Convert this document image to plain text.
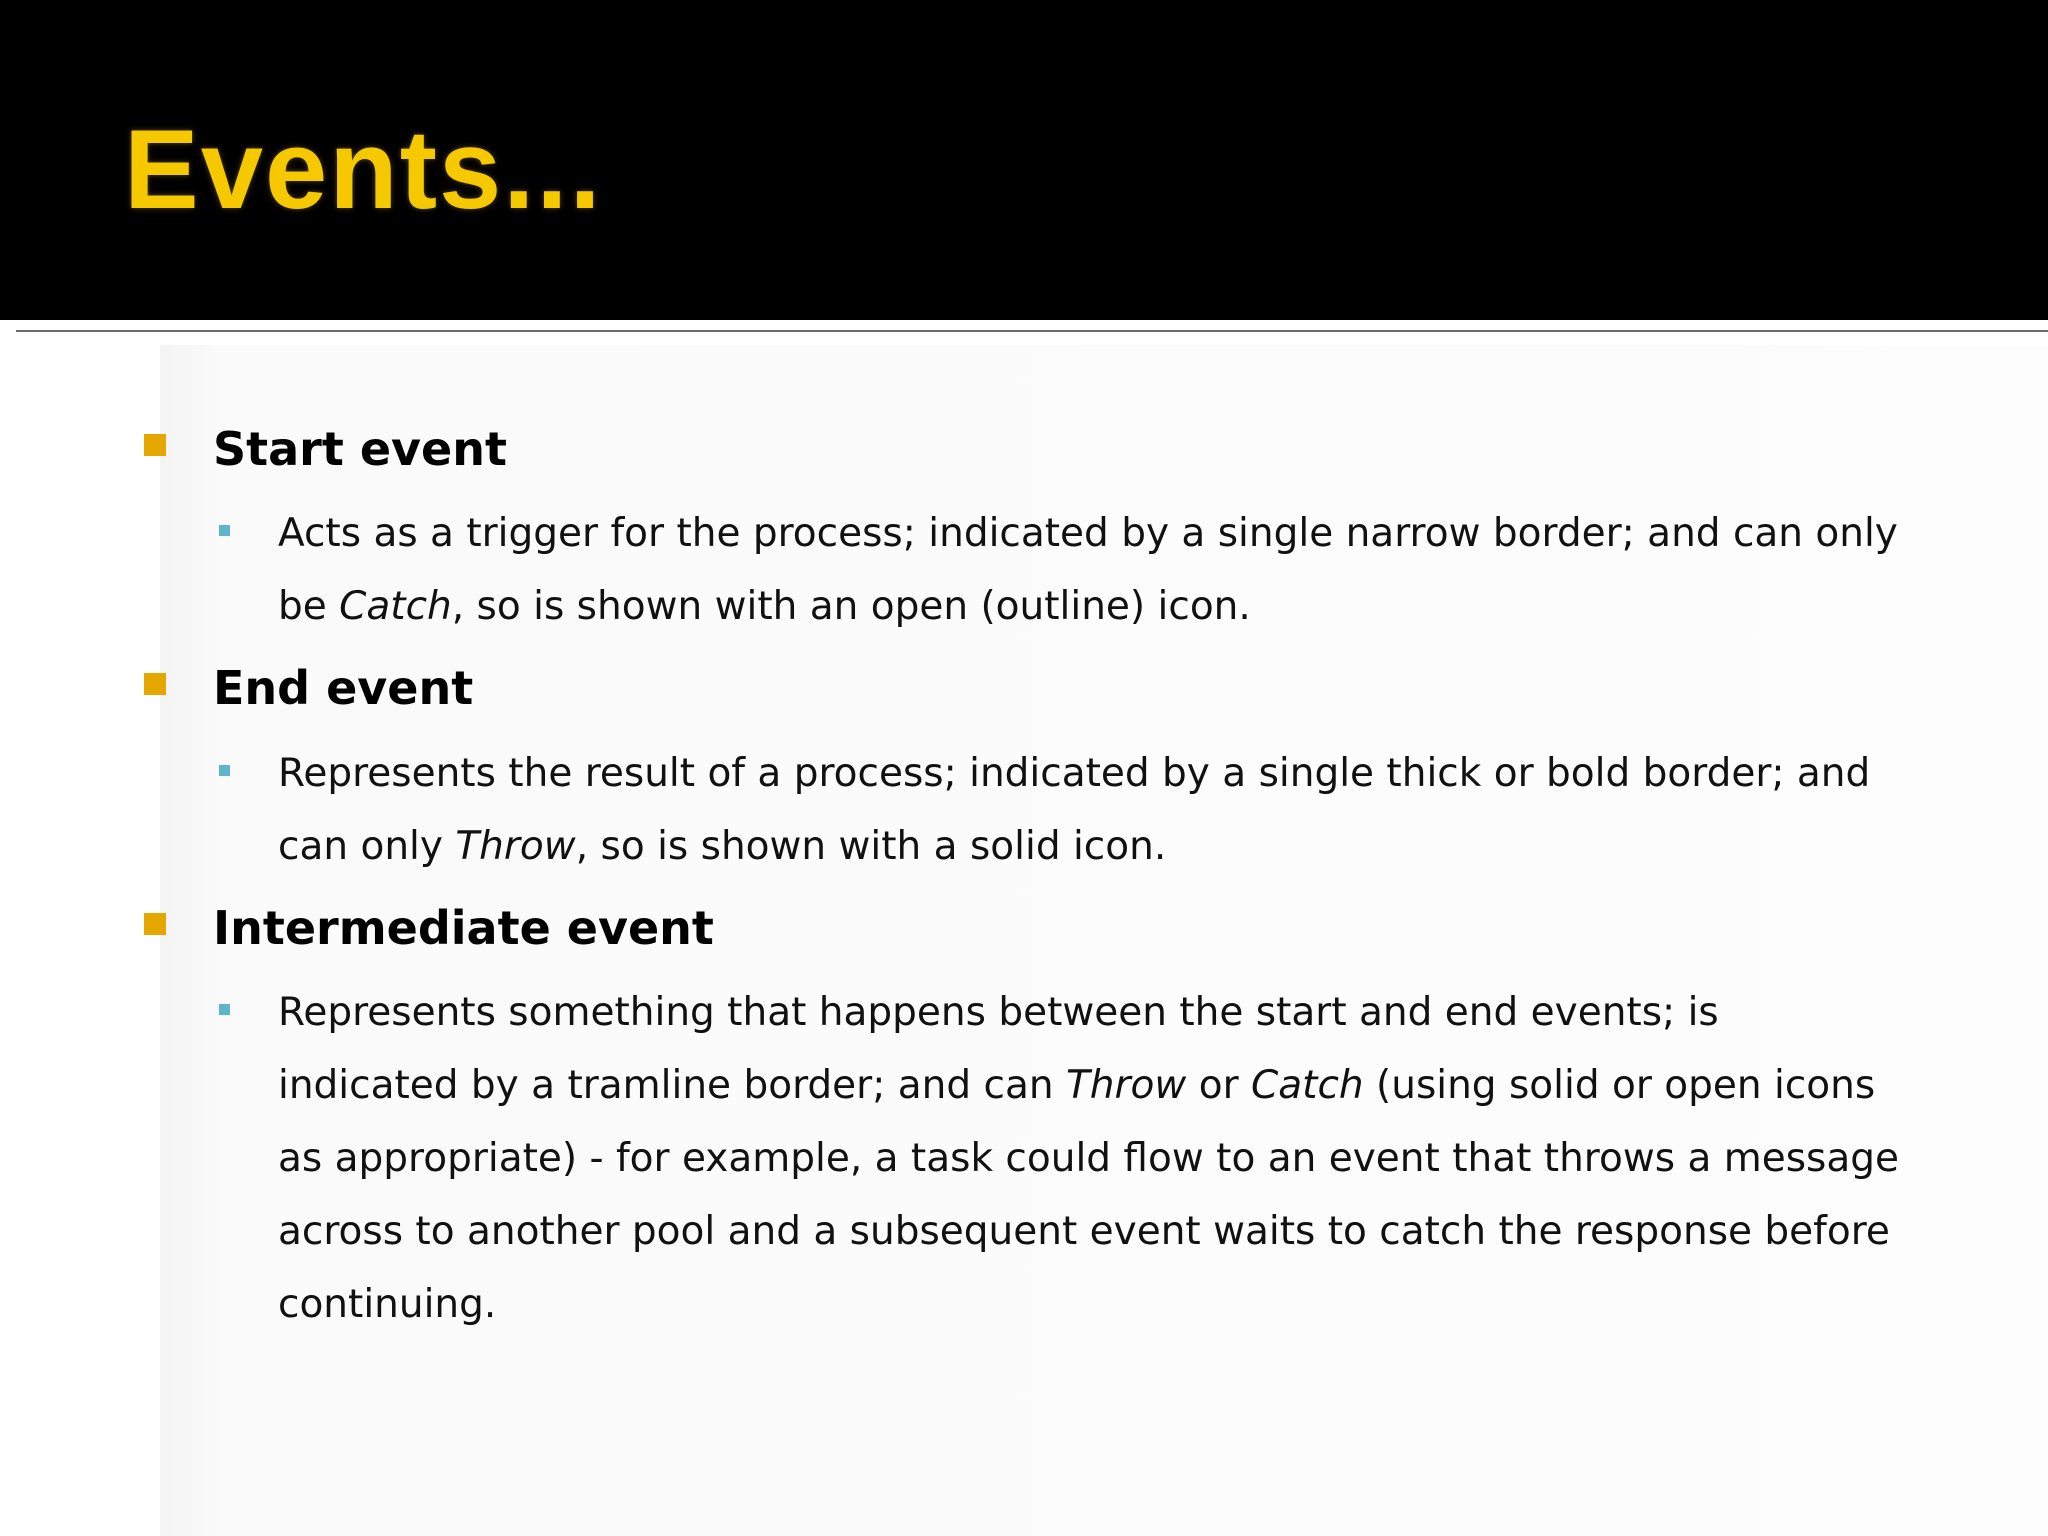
Events...
Start event
Acts as a trigger for the process; indicated by a single narrow border; and can only be Catch, so is shown with an open (outline) icon.
End event
Represents the result of a process; indicated by a single thick or bold border; and can only Throw, so is shown with a solid icon.
Intermediate event
Represents something that happens between the start and end events; is indicated by a tramline border; and can Throw or Catch (using solid or open icons as appropriate) - for example, a task could flow to an event that throws a message across to another pool and a subsequent event waits to catch the response before continuing.
